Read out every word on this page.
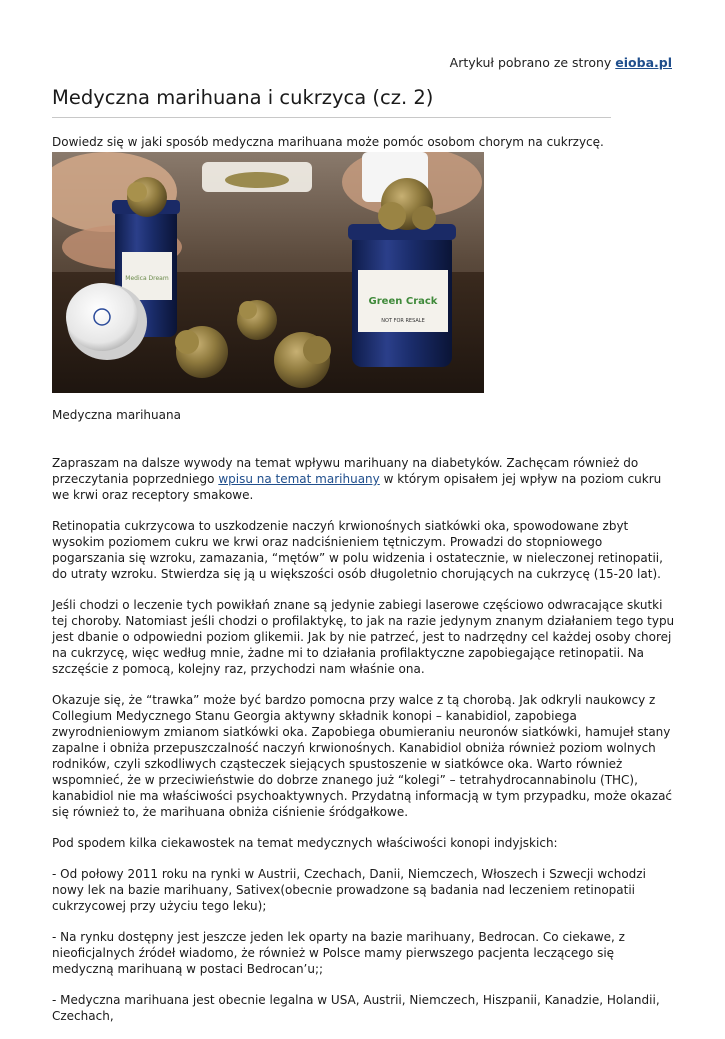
Artykuł pobrano ze strony eioba.pl
Medyczna marihuana i cukrzyca (cz. 2)

Dowiedz się w jaki sposób medyczna marihuana może pomóc osobom chorym na cukrzycę.

Medica Dream
Green Crack
NOT FOR RESALE

Medyczna marihuana

Zapraszam na dalsze wywody na temat wpływu marihuany na diabetyków. Zachęcam również do przeczytania poprzedniego wpisu na temat marihuany w którym opisałem jej wpływ na poziom cukru we krwi oraz receptory smakowe.

Retinopatia cukrzycowa to uszkodzenie naczyń krwionośnych siatkówki oka, spowodowane zbyt wysokim poziomem cukru we krwi oraz nadciśnieniem tętniczym. Prowadzi do stopniowego pogarszania się wzroku, zamazania, “mętów” w polu widzenia i ostatecznie, w nieleczonej retinopatii, do utraty wzroku. Stwierdza się ją u większości osób długoletnio chorujących na cukrzycę (15-20 lat).

Jeśli chodzi o leczenie tych powikłań znane są jedynie zabiegi laserowe częściowo odwracające skutki tej choroby. Natomiast jeśli chodzi o profilaktykę, to jak na razie jedynym znanym działaniem tego typu jest dbanie o odpowiedni poziom glikemii. Jak by nie patrzeć, jest to nadrzędny cel każdej osoby chorej na cukrzycę, więc według mnie, żadne mi to działania profilaktyczne zapobiegające retinopatii. Na szczęście z pomocą, kolejny raz, przychodzi nam właśnie ona.

Okazuje się, że “trawka” może być bardzo pomocna przy walce z tą chorobą. Jak odkryli naukowcy z Collegium Medycznego Stanu Georgia aktywny składnik konopi – kanabidiol, zapobiega zwyrodnieniowym zmianom siatkówki oka. Zapobiega obumieraniu neuronów siatkówki, hamujeł stany zapalne i obniża przepuszczalność naczyń krwionośnych. Kanabidiol obniża również poziom wolnych rodników, czyli szkodliwych cząsteczek siejących spustoszenie w siatkówce oka. Warto również wspomnieć, że w przeciwieństwie do dobrze znanego już “kolegi” – tetrahydrocannabinolu (THC), kanabidiol nie ma właściwości psychoaktywnych. Przydatną informacją w tym przypadku, może okazać się również to, że marihuana obniża ciśnienie śródgałkowe.

Pod spodem kilka ciekawostek na temat medycznych właściwości konopi indyjskich:

- Od połowy 2011 roku na rynki w Austrii, Czechach, Danii, Niemczech, Włoszech i Szwecji wchodzi nowy lek na bazie marihuany, Sativex(obecnie prowadzone są badania nad leczeniem retinopatii cukrzycowej przy użyciu tego leku);

- Na rynku dostępny jest jeszcze jeden lek oparty na bazie marihuany, Bedrocan. Co ciekawe, z nieoficjalnych źródeł wiadomo, że również w Polsce mamy pierwszego pacjenta leczącego się medyczną marihuaną w postaci Bedrocan’u;;

- Medyczna marihuana jest obecnie legalna w USA, Austrii, Niemczech, Hiszpanii, Kanadzie, Holandii, Czechach,
